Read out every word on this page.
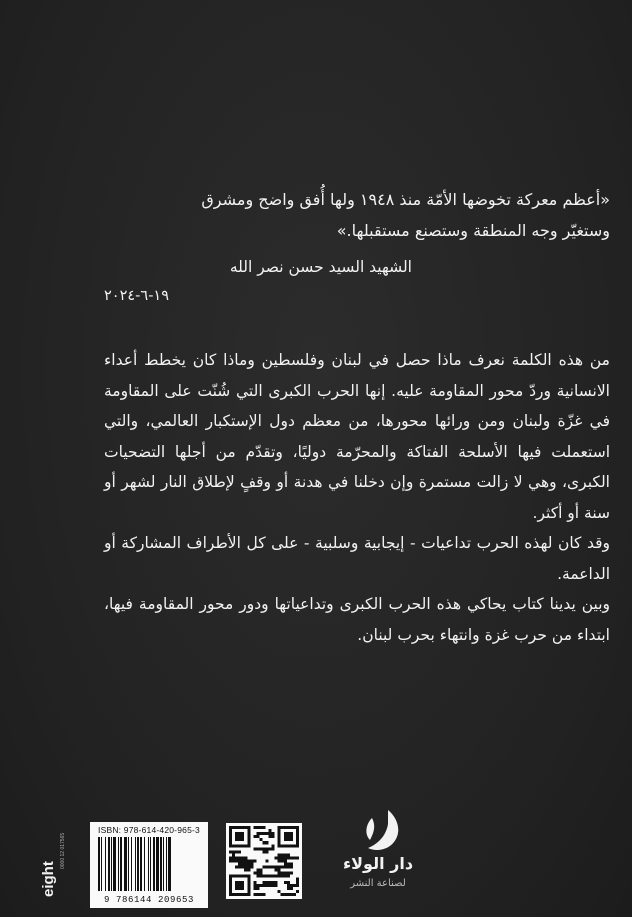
«أعظم معركة تخوضها الأمّة منذ ١٩٤٨ ولها أُفق واضح ومشرق

وستغيّر وجه المنطقة وستصنع مستقبلها.»

الشهيد السيد حسن نصر الله
١٩-٦-٢٠٢٤

من هذه الكلمة نعرف ماذا حصل في لبنان وفلسطين وماذا كان يخطط أعداء الانسانية وردّ محور المقاومة عليه. إنها الحرب الكبرى التي شُنّت على المقاومة في غزّة ولبنان ومن ورائها محورها، من معظم دول الإستكبار العالمي، والتي استعملت فيها الأسلحة الفتاكة والمحرّمة دوليًا، وتقدّم من أجلها التضحيات الكبرى، وهي لا زالت مستمرة وإن دخلنا في هدنة أو وقفٍ لإطلاق النار لشهر أو سنة أو أكثر.

وقد كان لهذه الحرب تداعيات - إيجابية وسلبية - على كل الأطراف المشاركة أو الداعمة.

وبين يدينا كتاب يحاكي هذه الحرب الكبرى وتداعياتها ودور محور المقاومة فيها، ابتداء من حرب غزة وانتهاء بحرب لبنان.

ISBN: 978-614-420-965-3
9 786144 209653
eight
0000 12 017565	دار الولاء
لصناعة النشر
